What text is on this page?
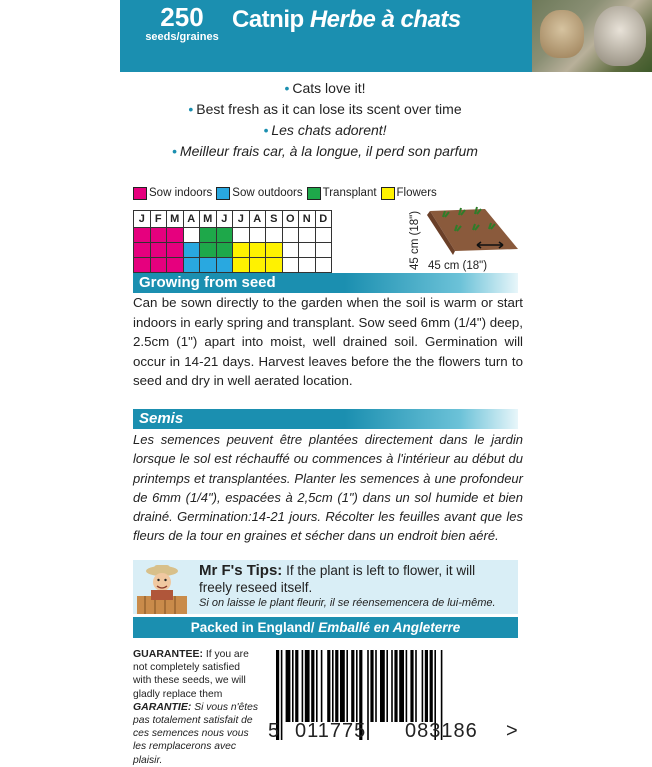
250
seeds/graines
Catnip Herbe à chats
• Cats love it!
• Best fresh as it can lose its scent over time
• Les chats adorent!
• Meilleur frais car, à la longue, il perd son parfum
Sow indoors Sow outdoors Transplant Flowers
J	F	M	A	M	J	J	A	S	O	N	D

												45 cm (18") 45 cm (18")
Growing from seed

Can be sown directly to the garden when the soil is warm or start indoors in early spring and transplant. Sow seed 6mm (1/4") deep, 2.5cm (1") apart into moist, well drained soil. Germination will occur in 14-21 days. Harvest leaves before the the flowers turn to seed and dry in well aerated location.

Semis

Les semences peuvent être plantées directement dans le jardin lorsque le sol est réchauffé ou commences à l'intérieur au début du printemps et transplantées. Planter les semences à une profondeur de 6mm (1/4"), espacées à 2,5cm (1") dans un sol humide et bien drainé. Germination:14-21 jours. Récolter les feuilles avant que les fleurs de la tour en graines et sécher dans un endroit bien aéré.

Mr F's Tips: If the plant is left to flower, it will freely reseed itself.
Si on laisse le plant fleurir, il se réensemencera de lui-même.
Packed in England/ Emballé en Angleterre
GUARANTEE: If you are not completely satisfied with these seeds, we will gladly replace them GARANTIE: Si vous n'êtes pas totalement satisfait de ces semences nous vous les remplacerons avec plaisir.
5 011775 083186 >
